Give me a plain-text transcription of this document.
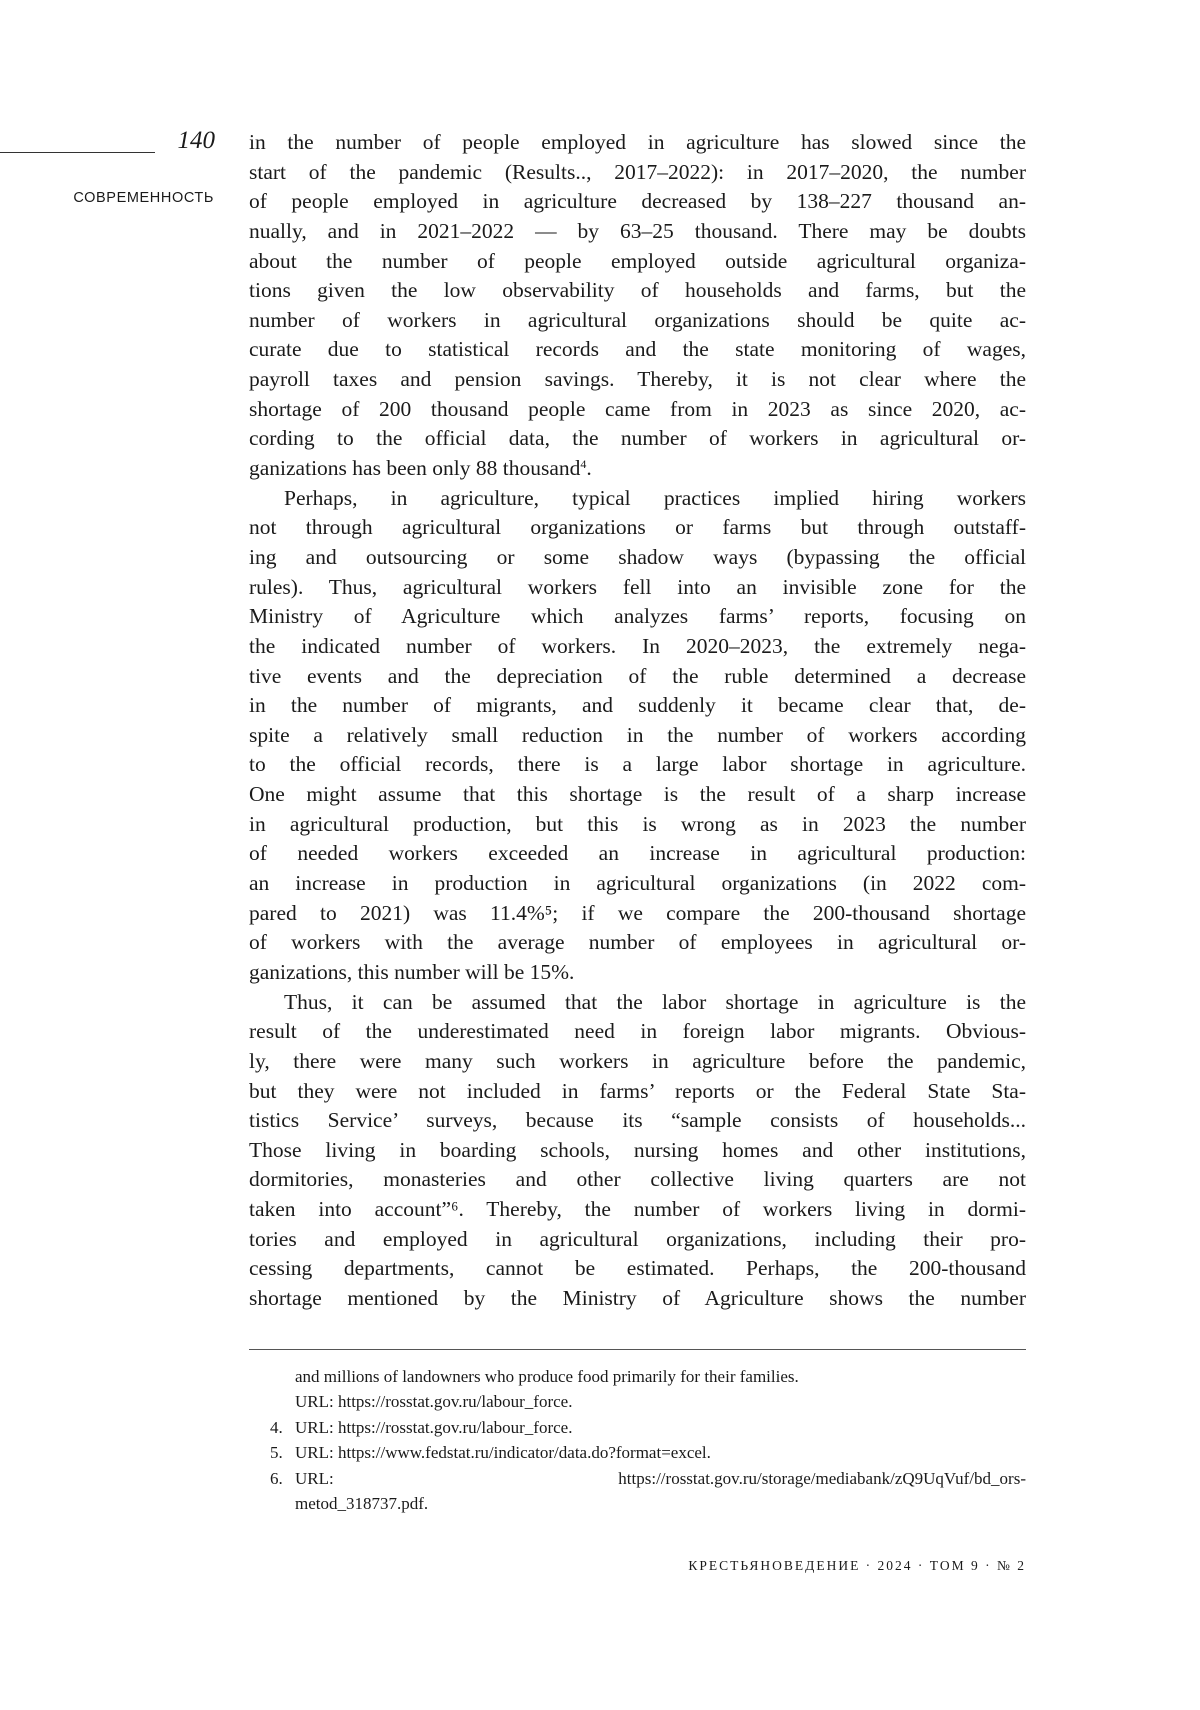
140
СОВРЕМЕННОСТЬ
in the number of people employed in agriculture has slowed since the
start of the pandemic (Results.., 2017–2022): in 2017–2020, the number
of people employed in agriculture decreased by 138–227 thousand an-
nually, and in 2021–2022 — by 63–25 thousand. There may be doubts
about the number of people employed outside agricultural organiza-
tions given the low observability of households and farms, but the
number of workers in agricultural organizations should be quite ac-
curate due to statistical records and the state monitoring of wages,
payroll taxes and pension savings. Thereby, it is not clear where the
shortage of 200 thousand people came from in 2023 as since 2020, ac-
cording to the official data, the number of workers in agricultural or-
ganizations has been only 88 thousand4.
Perhaps, in agriculture, typical practices implied hiring workers
not through agricultural organizations or farms but through outstaff-
ing and outsourcing or some shadow ways (bypassing the official
rules). Thus, agricultural workers fell into an invisible zone for the
Ministry of Agriculture which analyzes farms’ reports, focusing on
the indicated number of workers. In 2020–2023, the extremely nega-
tive events and the depreciation of the ruble determined a decrease
in the number of migrants, and suddenly it became clear that, de-
spite a relatively small reduction in the number of workers according
to the official records, there is a large labor shortage in agriculture.
One might assume that this shortage is the result of a sharp increase
in agricultural production, but this is wrong as in 2023 the number
of needed workers exceeded an increase in agricultural production:
an increase in production in agricultural organizations (in 2022 com-
pared to 2021) was 11.4%⁵; if we compare the 200-thousand shortage
of workers with the average number of employees in agricultural or-
ganizations, this number will be 15%.
Thus, it can be assumed that the labor shortage in agriculture is the
result of the underestimated need in foreign labor migrants. Obvious-
ly, there were many such workers in agriculture before the pandemic,
but they were not included in farms’ reports or the Federal State Sta-
tistics Service’ surveys, because its “sample consists of households...
Those living in boarding schools, nursing homes and other institutions,
dormitories, monasteries and other collective living quarters are not
taken into account”⁶. Thereby, the number of workers living in dormi-
tories and employed in agricultural organizations, including their pro-
cessing departments, cannot be estimated. Perhaps, the 200-thousand
shortage mentioned by the Ministry of Agriculture shows the number
and millions of landowners who produce food primarily for their families.
URL: https://rosstat.gov.ru/labour_force.
4. URL: https://rosstat.gov.ru/labour_force.
5. URL: https://www.fedstat.ru/indicator/data.do?format=excel.
6. URL: https://rosstat.gov.ru/storage/mediabank/zQ9UqVuf/bd_ors-
metod_318737.pdf.
КРЕСТЬЯНОВЕДЕНИЕ · 2024 · ТОМ 9 · № 2
